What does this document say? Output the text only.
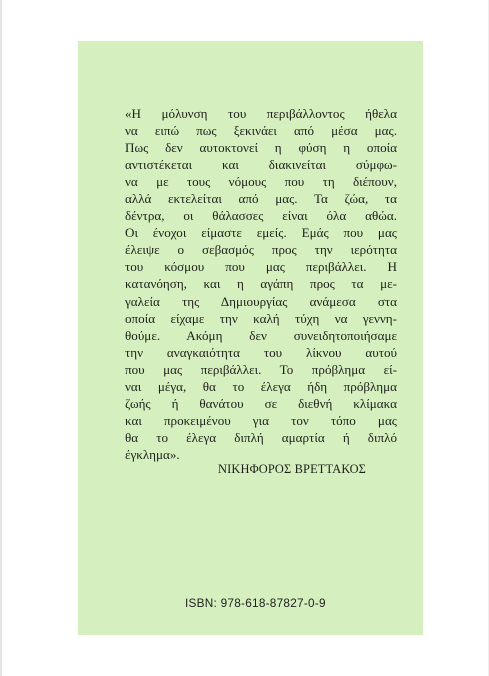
«Η μόλυνση του περιβάλλοντος ήθελα
να ειπώ πως ξεκινάει από μέσα μας.
Πως δεν αυτοκτονεί η φύση η οποία
αντιστέκεται και διακινείται σύμφω-
να με τους νόμους που τη διέπουν,
αλλά εκτελείται από μας. Τα ζώα, τα
δέντρα, οι θάλασσες είναι όλα αθώα.
Οι ένοχοι είμαστε εμείς. Εμάς που μας
έλειψε ο σεβασμός προς την ιερότητα
του κόσμου που μας περιβάλλει. Η
κατανόηση, και η αγάπη προς τα με-
γαλεία της Δημιουργίας ανάμεσα στα
οποία είχαμε την καλή τύχη να γεννη-
θούμε. Ακόμη δεν συνειδητοποιήσαμε
την αναγκαιότητα του λίκνου αυτού
που μας περιβάλλει. Το πρόβλημα εί-
ναι μέγα, θα το έλεγα ήδη πρόβλημα
ζωής ή θανάτου σε διεθνή κλίμακα
και προκειμένου για τον τόπο μας
θα το έλεγα διπλή αμαρτία ή διπλό
έγκλημα».

ΝΙΚΗΦΟΡΟΣ ΒΡΕΤΤΑΚΟΣ

ISBN: 978-618-87827-0-9
